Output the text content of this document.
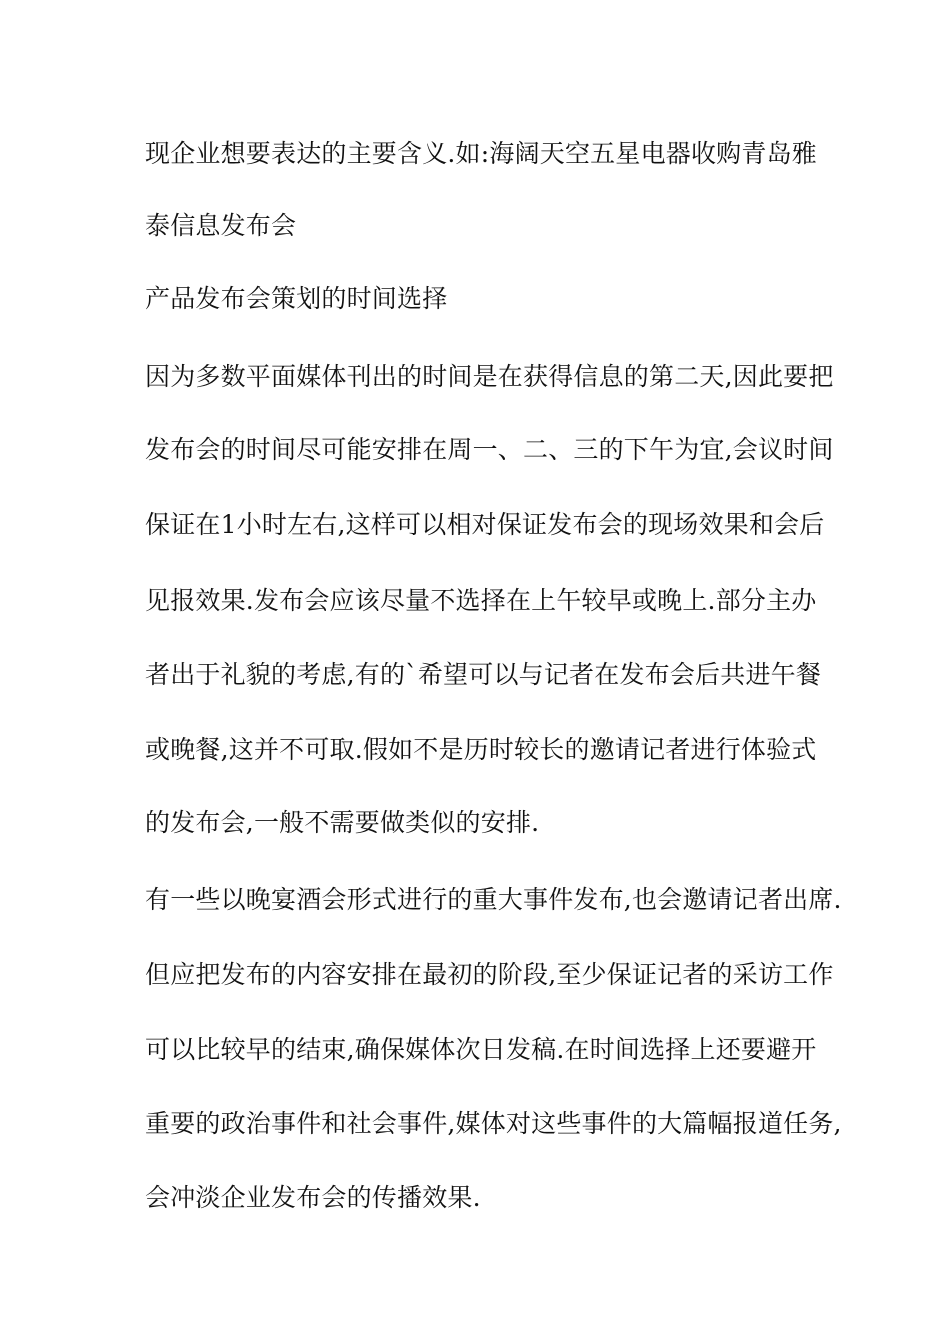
现企业想要表达的主要含义.如:海阔天空五星电器收购青岛雅
泰信息发布会
产品发布会策划的时间选择
因为多数平面媒体刊出的时间是在获得信息的第二天,因此要把
发布会的时间尽可能安排在周一、二、三的下午为宜,会议时间
保证在1小时左右,这样可以相对保证发布会的现场效果和会后
见报效果.发布会应该尽量不选择在上午较早或晚上.部分主办
者出于礼貌的考虑,有的`希望可以与记者在发布会后共进午餐
或晚餐,这并不可取.假如不是历时较长的邀请记者进行体验式
的发布会,一般不需要做类似的安排.
有一些以晚宴酒会形式进行的重大事件发布,也会邀请记者出席.
但应把发布的内容安排在最初的阶段,至少保证记者的采访工作
可以比较早的结束,确保媒体次日发稿.在时间选择上还要避开
重要的政治事件和社会事件,媒体对这些事件的大篇幅报道任务,
会冲淡企业发布会的传播效果.
